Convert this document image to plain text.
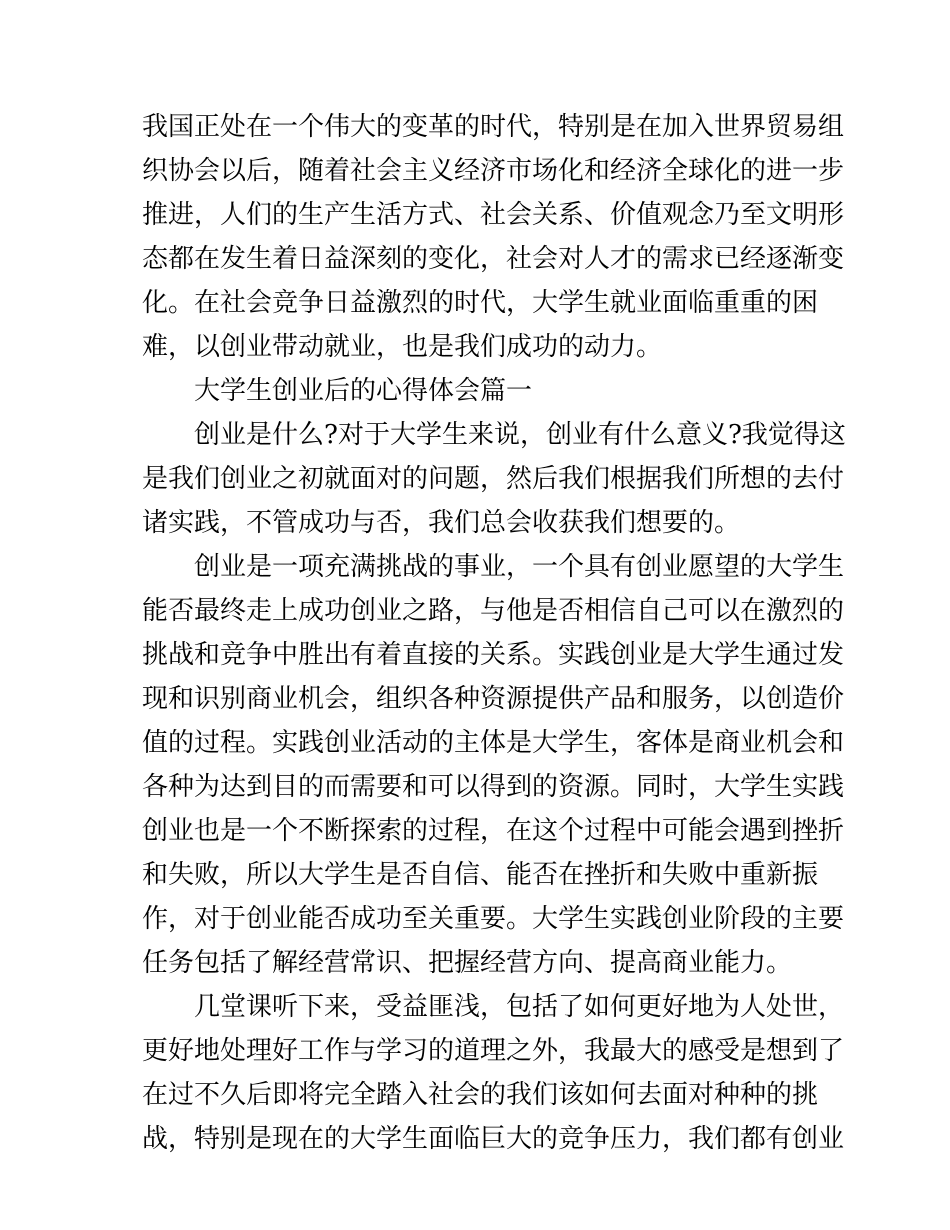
我国正处在一个伟大的变革的时代，特别是在加入世界贸易组
织协会以后，随着社会主义经济市场化和经济全球化的进一步
推进，人们的生产生活方式、社会关系、价值观念乃至文明形
态都在发生着日益深刻的变化，社会对人才的需求已经逐渐变
化。在社会竞争日益激烈的时代，大学生就业面临重重的困
难，以创业带动就业，也是我们成功的动力。
大学生创业后的心得体会篇一
创业是什么?对于大学生来说，创业有什么意义?我觉得这
是我们创业之初就面对的问题，然后我们根据我们所想的去付
诸实践，不管成功与否，我们总会收获我们想要的。
创业是一项充满挑战的事业，一个具有创业愿望的大学生
能否最终走上成功创业之路，与他是否相信自己可以在激烈的
挑战和竞争中胜出有着直接的关系。实践创业是大学生通过发
现和识别商业机会，组织各种资源提供产品和服务，以创造价
值的过程。实践创业活动的主体是大学生，客体是商业机会和
各种为达到目的而需要和可以得到的资源。同时，大学生实践
创业也是一个不断探索的过程，在这个过程中可能会遇到挫折
和失败，所以大学生是否自信、能否在挫折和失败中重新振
作，对于创业能否成功至关重要。大学生实践创业阶段的主要
任务包括了解经营常识、把握经营方向、提高商业能力。
几堂课听下来，受益匪浅，包括了如何更好地为人处世，
更好地处理好工作与学习的道理之外，我最大的感受是想到了
在过不久后即将完全踏入社会的我们该如何去面对种种的挑
战，特别是现在的大学生面临巨大的竞争压力，我们都有创业
